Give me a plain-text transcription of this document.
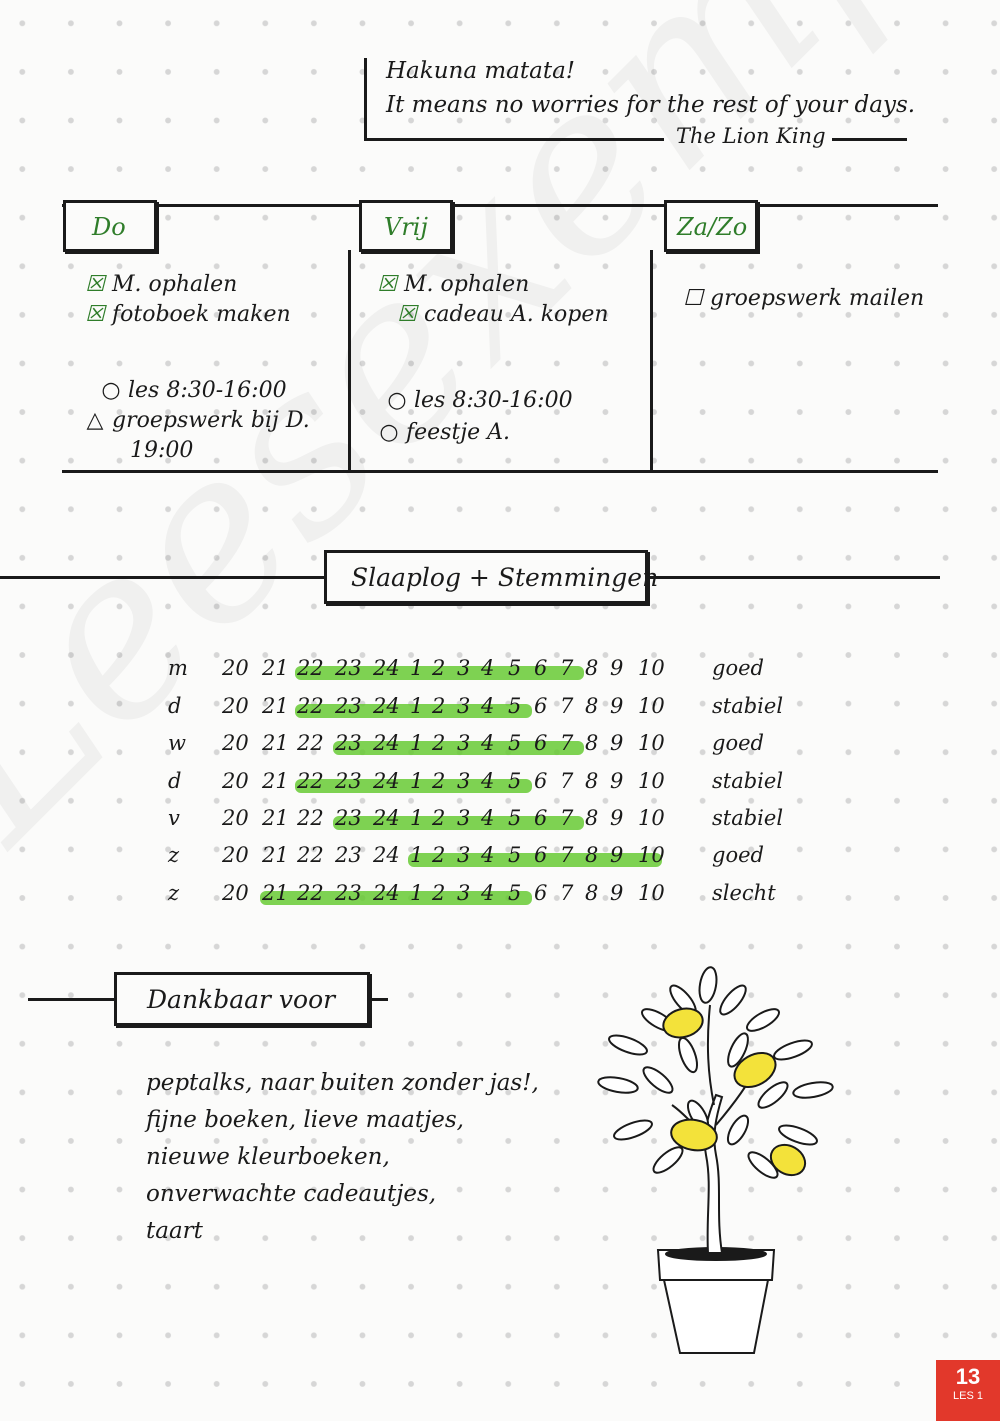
Hakuna matata!
It means no worries for the rest of your days.
The Lion King
Do	Vrij	Za/Zo
☒ M. ophalen
☒ fotoboek maken
○ les 8:30-16:00
△ groepswerk bij D.
19:00
☒ M. ophalen
☒ cadeau A. kopen
○ les 8:30-16:00
○ feestje A.
☐ groepswerk mailen
Slaaplog + Stemmingen
m 20 21 22 23 24 1 2 3 4 5 6 7 8 9 10 goed
d 20 21 22 23 24 1 2 3 4 5 6 7 8 9 10 stabiel
w 20 21 22 23 24 1 2 3 4 5 6 7 8 9 10 goed
d 20 21 22 23 24 1 2 3 4 5 6 7 8 9 10 stabiel
v 20 21 22 23 24 1 2 3 4 5 6 7 8 9 10 stabiel
z 20 21 22 23 24 1 2 3 4 5 6 7 8 9 10 goed
z 20 21 22 23 24 1 2 3 4 5 6 7 8 9 10 slecht
Dankbaar voor
peptalks, naar buiten zonder jas!,
fijne boeken, lieve maatjes,
nieuwe kleurboeken,
onverwachte cadeautjes,
taart
13
LES 1
